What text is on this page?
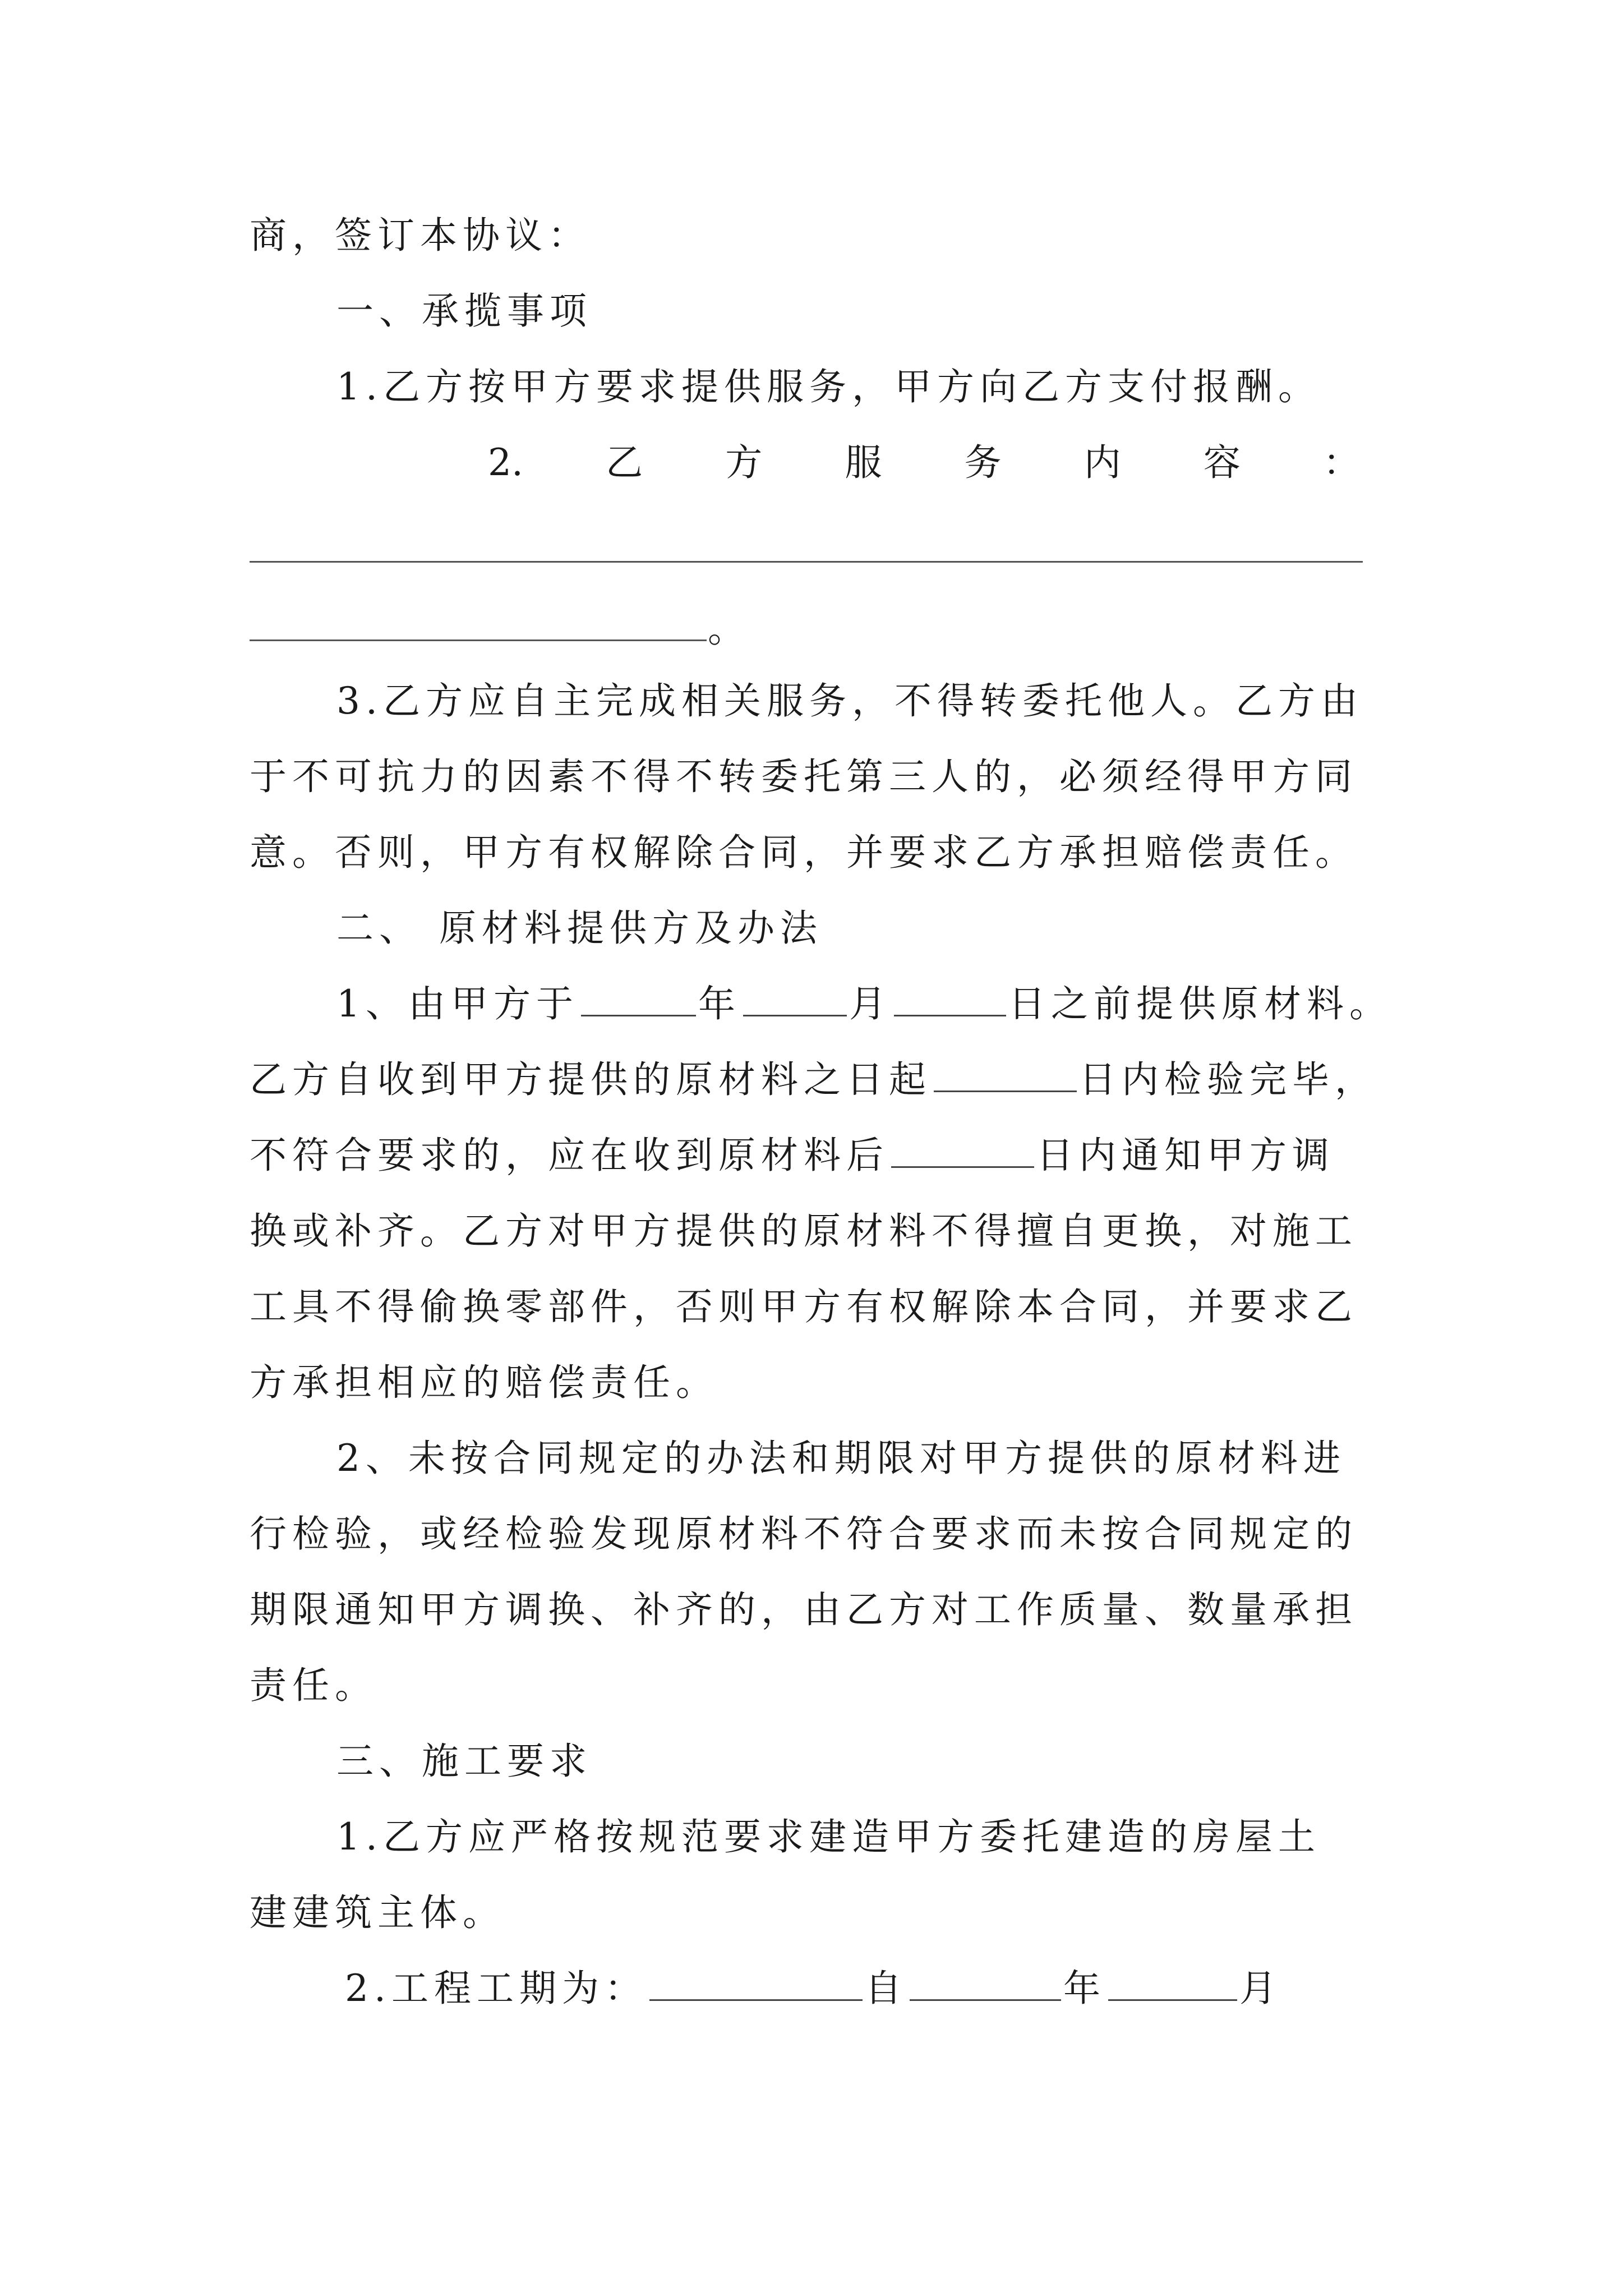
商，签订本协议：
一、承揽事项
1.乙方按甲方要求提供服务，甲方向乙方支付报酬。
2. 乙 方 服 务 内 容 ：
。
3.乙方应自主完成相关服务，不得转委托他人。乙方由
于不可抗力的因素不得不转委托第三人的，必须经得甲方同
意。否则，甲方有权解除合同，并要求乙方承担赔偿责任。
二、 原材料提供方及办法
1、由甲方于	年	月	日之前提供原材料。
乙方自收到甲方提供的原材料之日起	日内检验完毕，
不符合要求的，应在收到原材料后	日内通知甲方调
换或补齐。乙方对甲方提供的原材料不得擅自更换，对施工
工具不得偷换零部件，否则甲方有权解除本合同，并要求乙
方承担相应的赔偿责任。
2、未按合同规定的办法和期限对甲方提供的原材料进
行检验，或经检验发现原材料不符合要求而未按合同规定的
期限通知甲方调换、补齐的，由乙方对工作质量、数量承担
责任。
三、施工要求
1.乙方应严格按规范要求建造甲方委托建造的房屋土
建建筑主体。
2.工程工期为：	自	年	月
